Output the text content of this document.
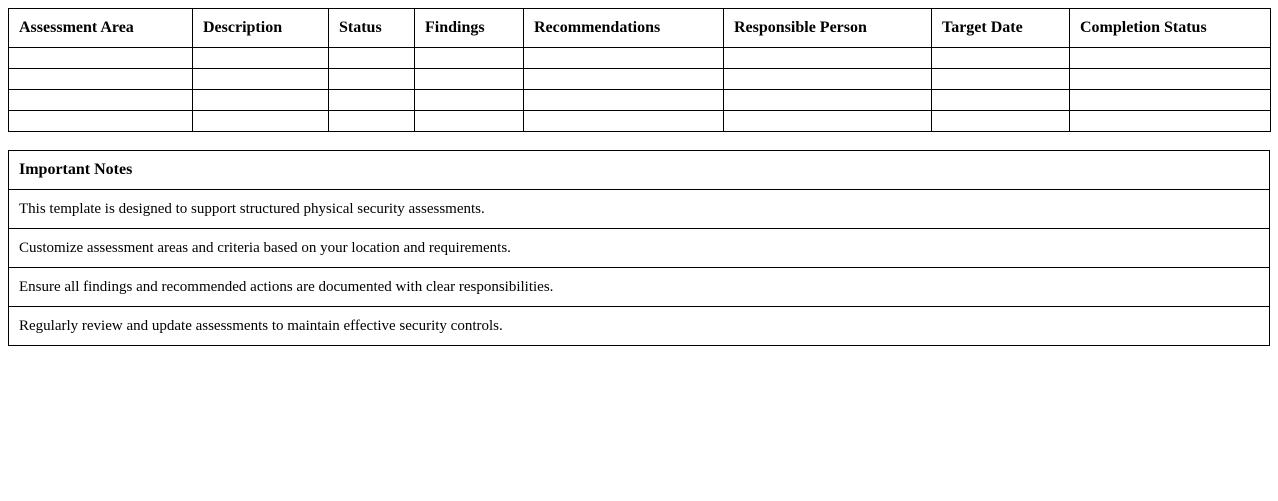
Assessment Area	Description	Status	Findings	Recommendations	Responsible Person	Target Date	Completion Status

Important Notes
This template is designed to support structured physical security assessments.
Customize assessment areas and criteria based on your location and requirements.
Ensure all findings and recommended actions are documented with clear responsibilities.
Regularly review and update assessments to maintain effective security controls.
